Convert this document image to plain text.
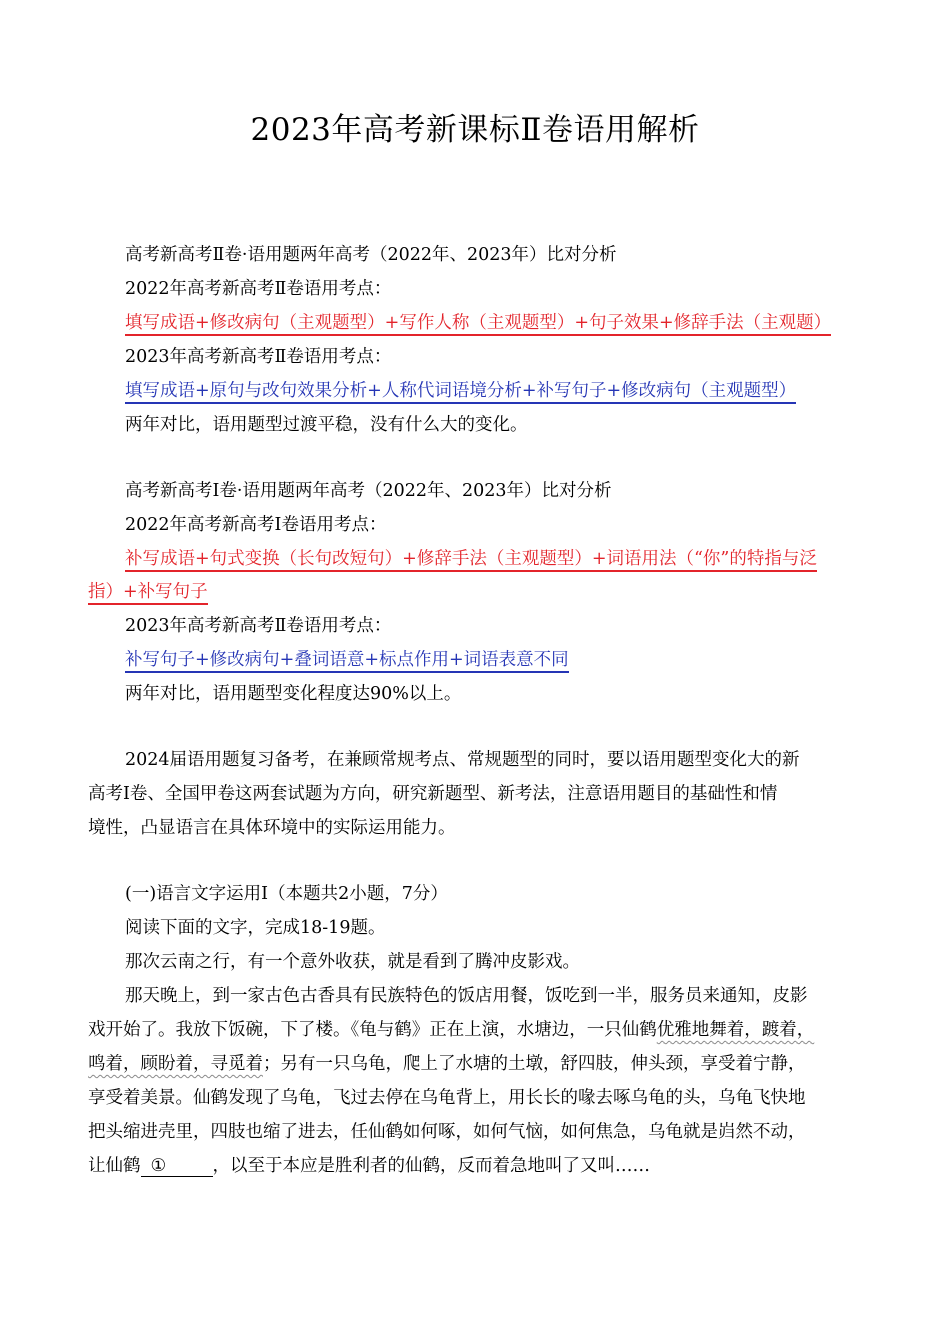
2023年高考新课标Ⅱ卷语用解析
高考新高考Ⅱ卷·语用题两年高考（2022年、2023年）比对分析
2022年高考新高考Ⅱ卷语用考点：
填写成语+修改病句（主观题型）+写作人称（主观题型）+句子效果+修辞手法（主观题）
2023年高考新高考Ⅱ卷语用考点：
填写成语+原句与改句效果分析+人称代词语境分析+补写句子+修改病句（主观题型）
两年对比，语用题型过渡平稳，没有什么大的变化。
高考新高考Ⅰ卷·语用题两年高考（2022年、2023年）比对分析
2022年高考新高考Ⅰ卷语用考点：
补写成语+句式变换（长句改短句）+修辞手法（主观题型）+词语用法（“你”的特指与泛
指）+补写句子
2023年高考新高考Ⅱ卷语用考点：
补写句子+修改病句+叠词语意+标点作用+词语表意不同
两年对比，语用题型变化程度达90%以上。
2024届语用题复习备考，在兼顾常规考点、常规题型的同时，要以语用题型变化大的新
高考Ⅰ卷、全国甲卷这两套试题为方向，研究新题型、新考法，注意语用题目的基础性和情
境性，凸显语言在具体环境中的实际运用能力。
(一)语言文字运用Ⅰ（本题共2小题，7分）
阅读下面的文字，完成18-19题。
那次云南之行，有一个意外收获，就是看到了腾冲皮影戏。
那天晚上，到一家古色古香具有民族特色的饭店用餐，饭吃到一半，服务员来通知，皮影
戏开始了。我放下饭碗，下了楼。《龟与鹤》正在上演，水塘边，一只仙鹤优雅地舞着，踱着，
鸣着，顾盼着，寻觅着；另有一只乌龟，爬上了水塘的土墩，舒四肢，伸头颈，享受着宁静，
享受着美景。仙鹤发现了乌龟，飞过去停在乌龟背上，用长长的喙去啄乌龟的头，乌龟飞快地
把头缩进壳里，四肢也缩了进去，任仙鹤如何啄，如何气恼，如何焦急，乌龟就是岿然不动，
让仙鹤 ①	，以至于本应是胜利者的仙鹤，反而着急地叫了又叫……
